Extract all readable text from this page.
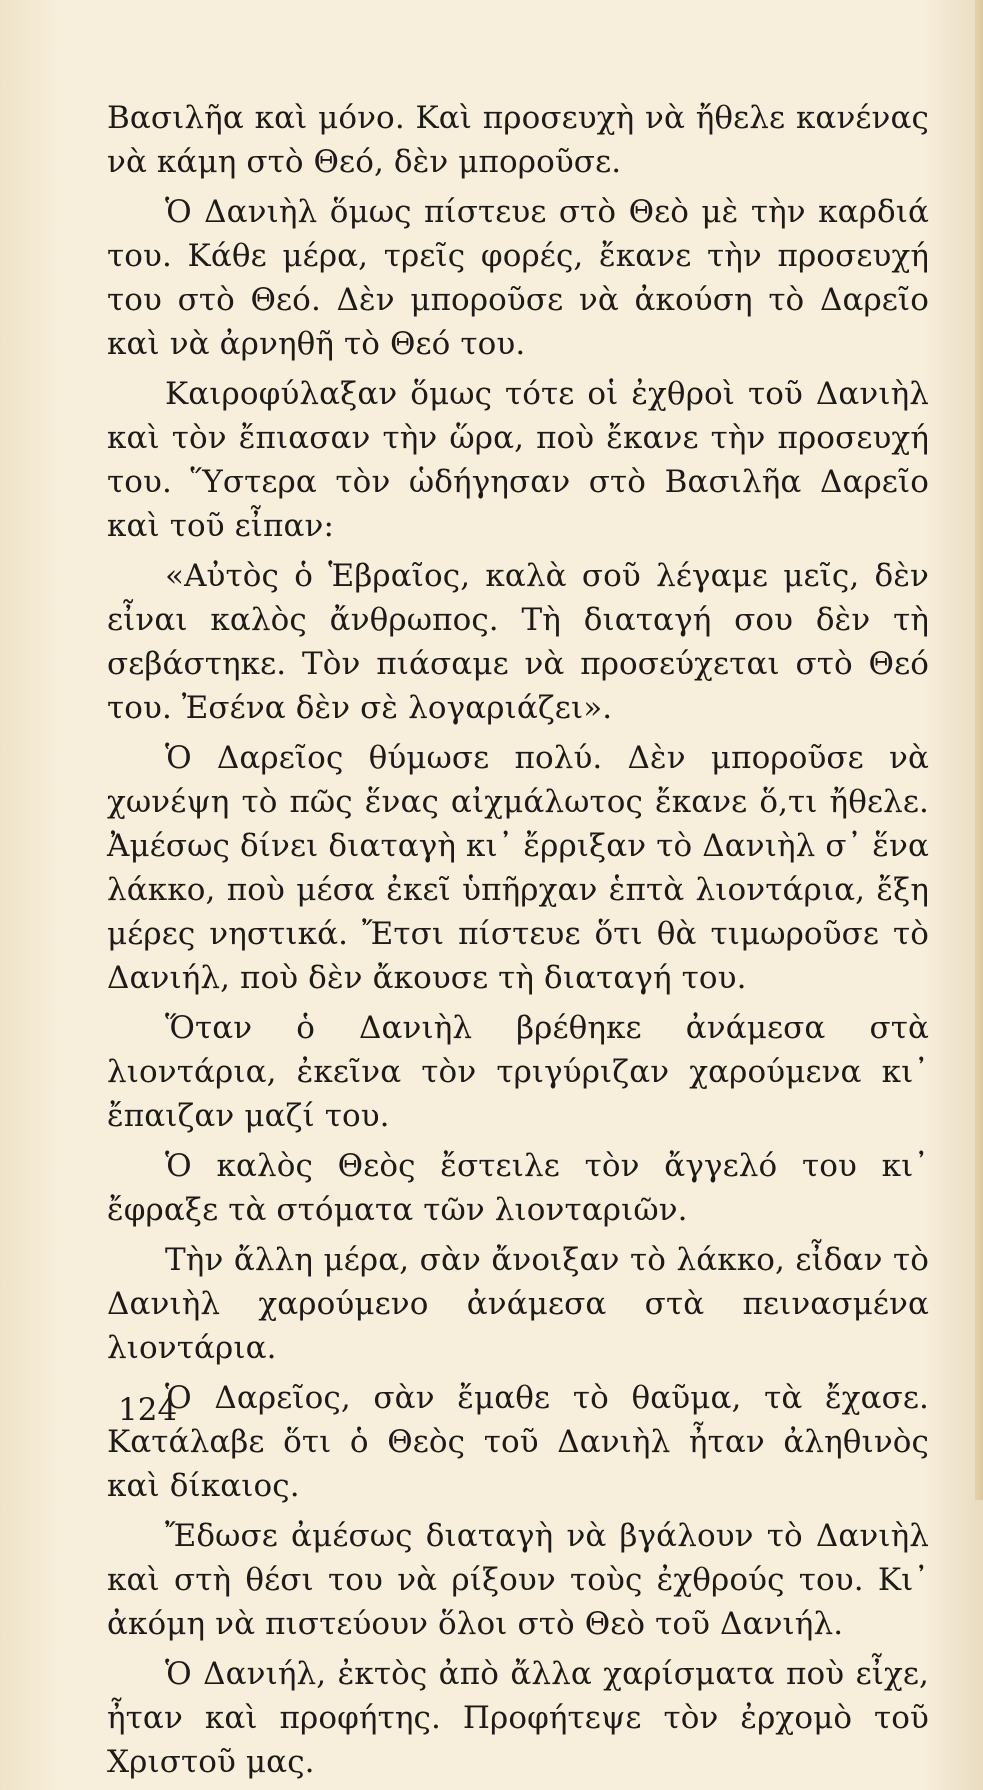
Βασιλῆα καὶ μόνο. Καὶ προσευχὴ νὰ ἤθελε κανένας νὰ κάμη στὸ Θεό, δὲν μποροῦσε.

Ὁ Δανιὴλ ὅμως πίστευε στὸ Θεὸ μὲ τὴν καρδιά του. Κάθε μέρα, τρεῖς φορές, ἔκανε τὴν προσευχή του στὸ Θεό. Δὲν μποροῦσε νὰ ἀκούση τὸ Δαρεῖο καὶ νὰ ἀρνηθῆ τὸ Θεό του.

Καιροφύλαξαν ὅμως τότε οἱ ἐχθροὶ τοῦ Δανιὴλ καὶ τὸν ἔπιασαν τὴν ὥρα, ποὺ ἔκανε τὴν προσευχή του. Ὕστερα τὸν ὡδήγησαν στὸ Βασιλῆα Δαρεῖο καὶ τοῦ εἶπαν:

«Αὐτὸς ὁ Ἑβραῖος, καλὰ σοῦ λέγαμε μεῖς, δὲν εἶναι καλὸς ἄνθρωπος. Τὴ διαταγή σου δὲν τὴ σεβάστηκε. Τὸν πιάσαμε νὰ προσεύχεται στὸ Θεό του. Ἐσένα δὲν σὲ λογαριάζει».

Ὁ Δαρεῖος θύμωσε πολύ. Δὲν μποροῦσε νὰ χωνέψη τὸ πῶς ἕνας αἰχμάλωτος ἔκανε ὅ,τι ἤθελε. Ἀμέσως δίνει διαταγὴ κι᾽ ἔρριξαν τὸ Δανιὴλ σ᾽ ἕνα λάκκο, ποὺ μέσα ἐκεῖ ὑπῆρχαν ἑπτὰ λιοντάρια, ἔξη μέρες νηστικά. Ἔτσι πίστευε ὅτι θὰ τιμωροῦσε τὸ Δανιήλ, ποὺ δὲν ἄκουσε τὴ διαταγή του.

Ὅταν ὁ Δανιὴλ βρέθηκε ἀνάμεσα στὰ λιοντάρια, ἐκεῖνα τὸν τριγύριζαν χαρούμενα κι᾽ ἔπαιζαν μαζί του.

Ὁ καλὸς Θεὸς ἔστειλε τὸν ἄγγελό του κι᾽ ἔφραξε τὰ στόματα τῶν λιονταριῶν.

Τὴν ἄλλη μέρα, σὰν ἄνοιξαν τὸ λάκκο, εἶδαν τὸ Δανιὴλ χαρούμενο ἀνάμεσα στὰ πεινασμένα λιοντάρια.

Ὁ Δαρεῖος, σὰν ἔμαθε τὸ θαῦμα, τὰ ἔχασε. Κατάλαβε ὅτι ὁ Θεὸς τοῦ Δανιὴλ ἦταν ἀληθινὸς καὶ δίκαιος.

Ἔδωσε ἀμέσως διαταγὴ νὰ βγάλουν τὸ Δανιὴλ καὶ στὴ θέσι του νὰ ρίξουν τοὺς ἐχθρούς του. Κι᾽ ἀκόμη νὰ πιστεύουν ὅλοι στὸ Θεὸ τοῦ Δανιήλ.

Ὁ Δανιήλ, ἐκτὸς ἀπὸ ἄλλα χαρίσματα ποὺ εἶχε, ἦταν καὶ προφήτης. Προφήτεψε τὸν ἐρχομὸ τοῦ Χριστοῦ μας.

124
